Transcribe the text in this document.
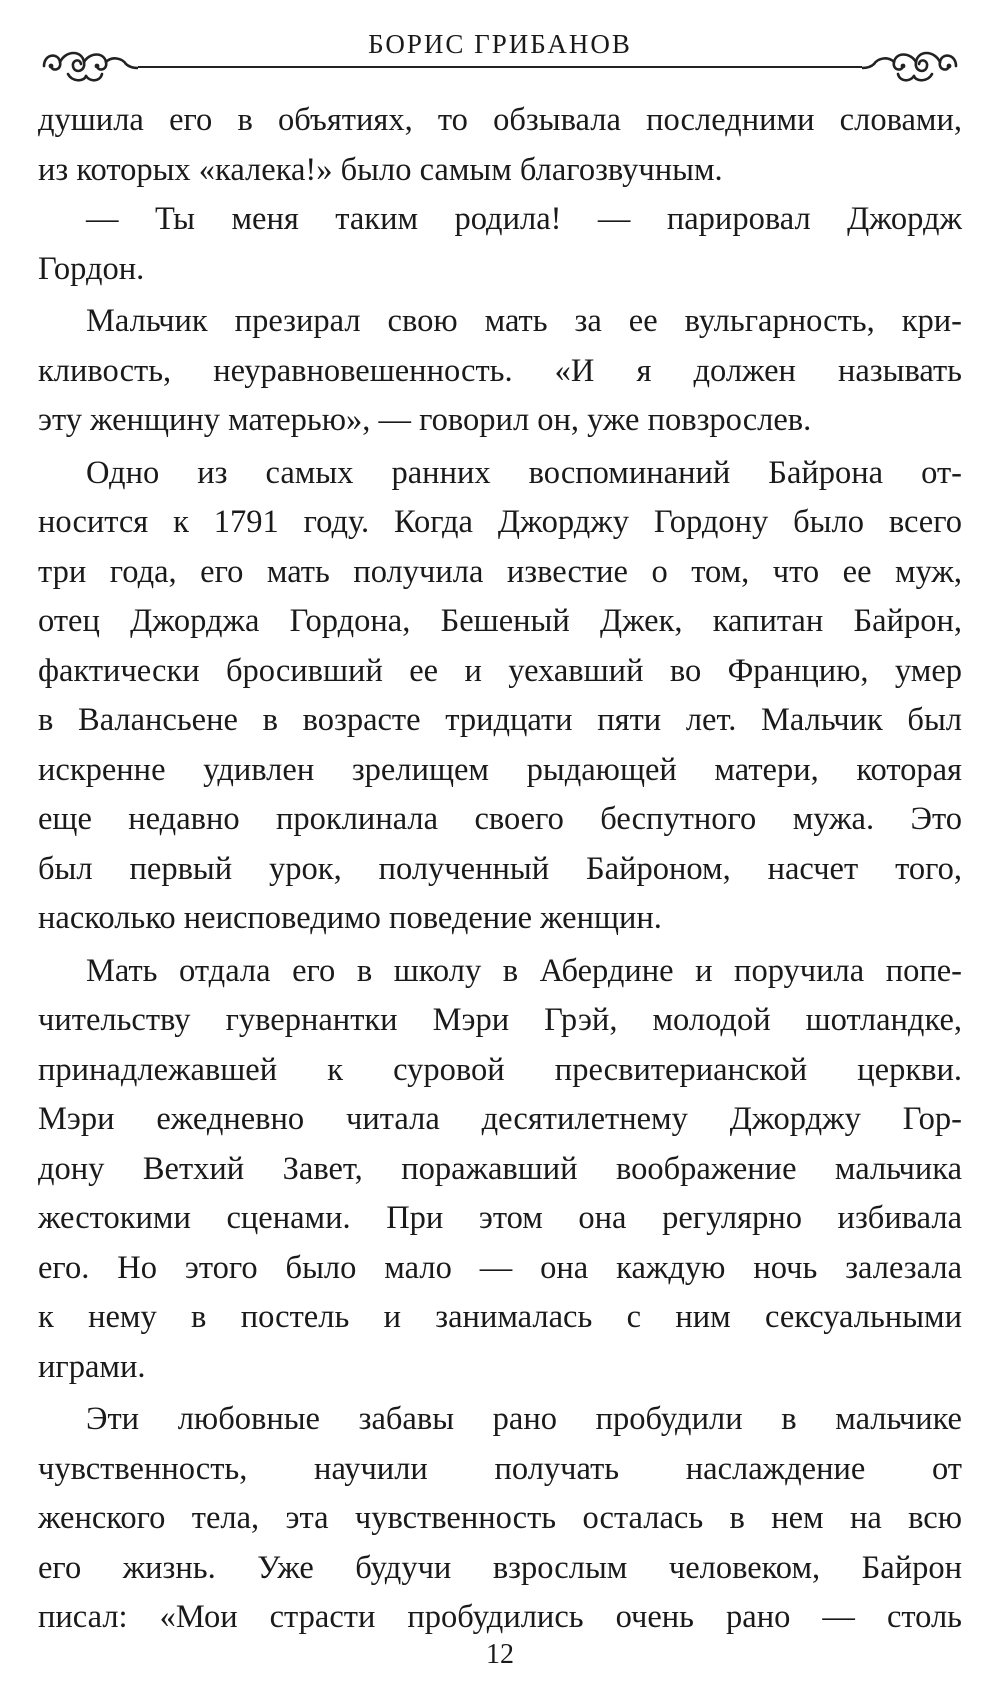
БОРИС ГРИБАНОВ

душила его в объятиях, то обзывала последними словами,

из которых «калека!» было самым благозвучным.

— Ты меня таким родила! — парировал Джордж

Гордон.

Мальчик презирал свою мать за ее вульгарность, кри-

кливость, неуравновешенность. «И я должен называть

эту женщину матерью», — говорил он, уже повзрослев.

Одно из самых ранних воспоминаний Байрона от-

носится к 1791 году. Когда Джорджу Гордону было всего

три года, его мать получила известие о том, что ее муж,

отец Джорджа Гордона, Бешеный Джек, капитан Байрон,

фактически бросивший ее и уехавший во Францию, умер

в Валансьене в возрасте тридцати пяти лет. Мальчик был

искренне удивлен зрелищем рыдающей матери, которая

еще недавно проклинала своего беспутного мужа. Это

был первый урок, полученный Байроном, насчет того,

насколько неисповедимо поведение женщин.

Мать отдала его в школу в Абердине и поручила попе-

чительству гувернантки Мэри Грэй, молодой шотландке,

принадлежавшей к суровой пресвитерианской церкви.

Мэри ежедневно читала десятилетнему Джорджу Гор-

дону Ветхий Завет, поражавший воображение мальчика

жестокими сценами. При этом она регулярно избивала

его. Но этого было мало — она каждую ночь залезала

к нему в постель и занималась с ним сексуальными

играми.

Эти любовные забавы рано пробудили в мальчике

чувственность, научили получать наслаждение от

женского тела, эта чувственность осталась в нем на всю

его жизнь. Уже будучи взрослым человеком, Байрон

писал: «Мои страсти пробудились очень рано — столь

12
